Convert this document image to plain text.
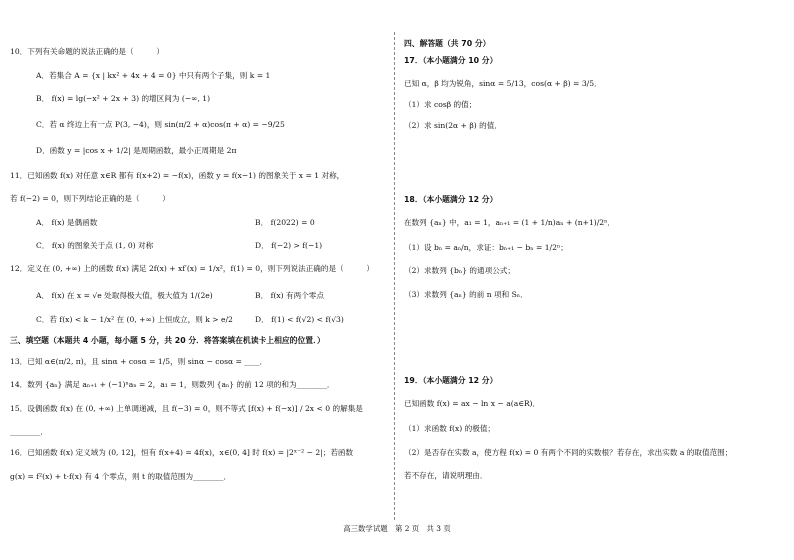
10．下列有关命题的说法正确的是（　　　）
A．若集合 A = {x | kx² + 4x + 4 = 0} 中只有两个子集，则 k = 1
B． f(x) = lg(−x² + 2x + 3) 的增区间为 (−∞, 1)
C．若 α 终边上有一点 P(3, −4)，则 sin(π/2 + α)cos(π + α) = −9/25
D．函数 y = |cos x + 1/2| 是周期函数，最小正周期是 2π
11．已知函数 f(x) 对任意 x∈R 都有 f(x+2) = −f(x)，函数 y = f(x−1) 的图象关于 x = 1 对称，
若 f(−2) = 0，则下列结论正确的是（　　　）
A． f(x) 是偶函数	B． f(2022) = 0
C． f(x) 的图象关于点 (1, 0) 对称	D． f(−2) > f(−1)
12．定义在 (0, +∞) 上的函数 f(x) 满足 2f(x) + xf′(x) = 1/x²，f(1) = 0，则下列说法正确的是（　　　）
A． f(x) 在 x = √e 处取得极大值，极大值为 1/(2e)	B． f(x) 有两个零点
C．若 f(x) < k − 1/x² 在 (0, +∞) 上恒成立，则 k > e/2	D． f(1) < f(√2) < f(√3)
三、填空题（本题共 4 小题，每小题 5 分，共 20 分．将答案填在机读卡上相应的位置．）
13．已知 α∈(π/2, π)，且 sinα + cosα = 1/5，则 sinα − cosα = ____．
14．数列 {aₙ} 满足 aₙ₊₁ + (−1)ⁿaₙ = 2，a₁ = 1，则数列 {aₙ} 的前 12 项的和为________．
15．设偶函数 f(x) 在 (0, +∞) 上单调递减，且 f(−3) = 0，则不等式 [f(x) + f(−x)] / 2x < 0 的解集是
________．
16．已知函数 f(x) 定义域为 (0, 12]，恒有 f(x+4) = 4f(x)，x∈(0, 4] 时 f(x) = |2ˣ⁻² − 2|；若函数
g(x) = f²(x) + t·f(x) 有 4 个零点，则 t 的取值范围为________．
四、解答题（共 70 分）
17．（本小题满分 10 分）
已知 α，β 均为锐角，sinα = 5/13，cos(α + β) = 3/5．
（1）求 cosβ 的值；
（2）求 sin(2α + β) 的值．
18．（本小题满分 12 分）
在数列 {aₙ} 中，a₁ = 1，aₙ₊₁ = (1 + 1/n)aₙ + (n+1)/2ⁿ．
（1）设 bₙ = aₙ/n，求证：bₙ₊₁ − bₙ = 1/2ⁿ；
（2）求数列 {bₙ} 的通项公式；
（3）求数列 {aₙ} 的前 n 项和 Sₙ．
19．（本小题满分 12 分）
已知函数 f(x) = ax − ln x − a(a∈R)．
（1）求函数 f(x) 的极值；
（2）是否存在实数 a，使方程 f(x) = 0 有两个不同的实数根？若存在，求出实数 a 的取值范围；
若不存在，请说明理由．
高三数学试题　第 2 页　共 3 页
